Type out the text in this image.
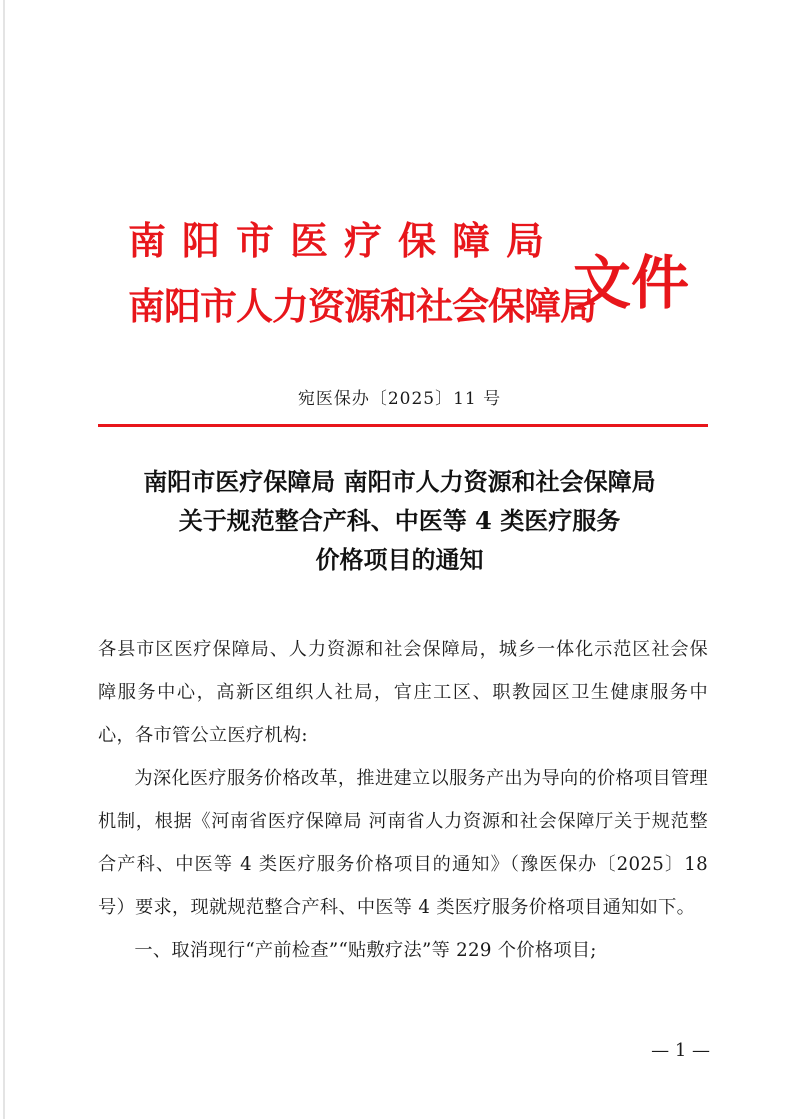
南阳市医疗保障局
南阳市人力资源和社会保障局
文件
宛医保办〔2025〕11 号
南阳市医疗保障局 南阳市人力资源和社会保障局
关于规范整合产科、中医等 4 类医疗服务
价格项目的通知

各县市区医疗保障局、人力资源和社会保障局，城乡一体化示范区社会保障服务中心，高新区组织人社局，官庄工区、职教园区卫生健康服务中心，各市管公立医疗机构:

为深化医疗服务价格改革，推进建立以服务产出为导向的价格项目管理机制，根据《河南省医疗保障局 河南省人力资源和社会保障厅关于规范整合产科、中医等 4 类医疗服务价格项目的通知》（豫医保办〔2025〕18 号）要求，现就规范整合产科、中医等 4 类医疗服务价格项目通知如下。

一、取消现行“产前检查”“贴敷疗法”等 229 个价格项目;

— 1 —
